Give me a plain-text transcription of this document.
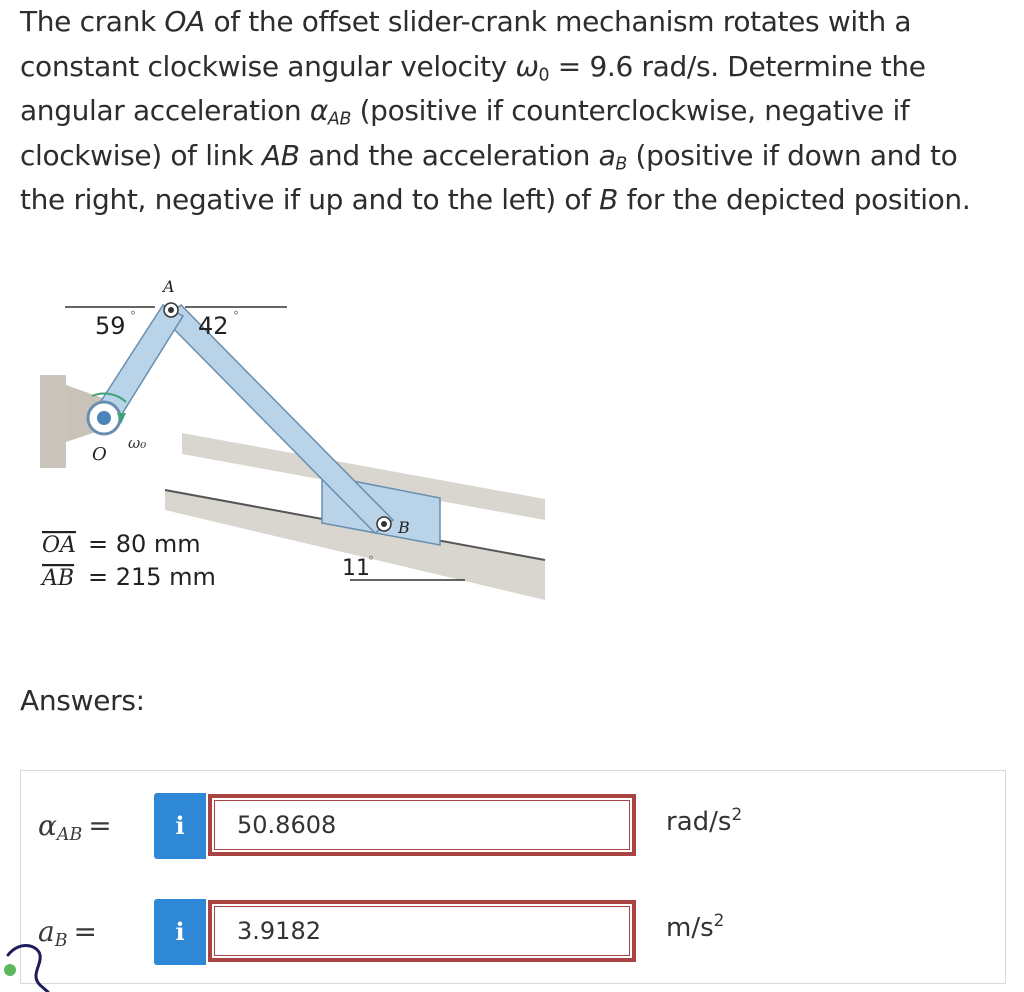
The crank OA of the offset slider-crank mechanism rotates with a constant clockwise angular velocity $\omega_0 = 9.6$ rad/s. Determine the angular acceleration $\alpha_{AB}$ (positive if counterclockwise, negative if clockwise) of link AB and the acceleration $a_B$ (positive if down and to the right, negative if up and to the left) of B for the depicted position.
A
B
O
ω₀
59 °	42 °
11
°
OA = 80 mm
AB = 215 mm
Answers:
$\alpha_{AB}$ =	i	50.8608	rad/$s^2$
$a_B$ =	i	3.9182	$m/s^2$
